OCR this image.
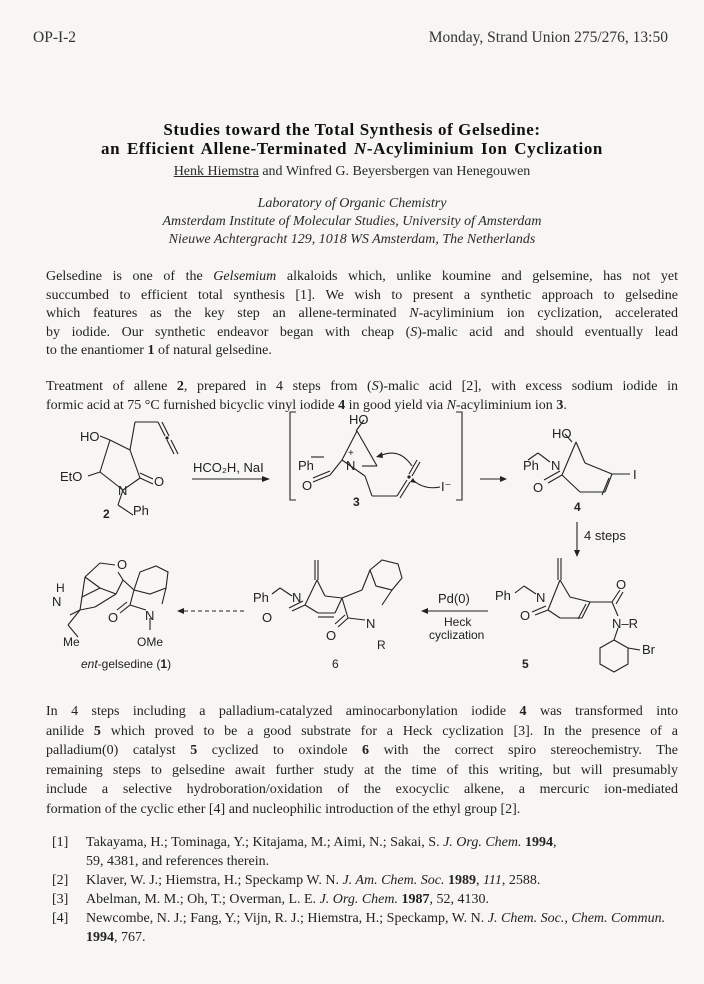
OP-I-2	Monday, Strand Union 275/276, 13:50
Studies toward the Total Synthesis of Gelsedine:
an Efficient Allene-Terminated N-Acyliminium Ion Cyclization
Henk Hiemstra and Winfred G. Beyersbergen van Henegouwen
Laboratory of Organic Chemistry
Amsterdam Institute of Molecular Studies, University of Amsterdam
Nieuwe Achtergracht 129, 1018 WS Amsterdam, The Netherlands
Gelsedine is one of the Gelsemium alkaloids which, unlike koumine and gelsemine, has not yet
succumbed to efficient total synthesis [1]. We wish to present a synthetic approach to gelsedine
which features as the key step an allene-terminated N-acyliminium ion cyclization, accelerated
by iodide. Our synthetic endeavor began with cheap (S)-malic acid and should eventually lead
to the enantiomer 1 of natural gelsedine.
Treatment of allene 2, prepared in 4 steps from (S)-malic acid [2], with excess sodium iodide in
formic acid at 75 °C furnished bicyclic vinyl iodide 4 in good yield via N-acyliminium ion 3.
HO
EtO
N
O
Ph
2
HCO₂H, NaI
HO
Ph N
+
O	I⁻
3
HO
Ph N
O
I
4
4 steps
Ph N
O
O
N–R
Br
5
Pd(0)
Heck
cyclization
Ph N
O
O
N
R
6
H
N
O
O N
Me	OMe
ent-gelsedine (1)
In 4 steps including a palladium-catalyzed aminocarbonylation iodide 4 was transformed into
anilide 5 which proved to be a good substrate for a Heck cyclization [3]. In the presence of a
palladium(0) catalyst 5 cyclized to oxindole 6 with the correct spiro stereochemistry. The
remaining steps to gelsedine await further study at the time of this writing, but will presumably
include a selective hydroboration/oxidation of the exocyclic alkene, a mercuric ion-mediated
formation of the cyclic ether [4] and nucleophilic introduction of the ethyl group [2].
[1] Takayama, H.; Tominaga, Y.; Kitajama, M.; Aimi, N.; Sakai, S. J. Org. Chem. 1994,
59, 4381, and references therein.
[2] Klaver, W. J.; Hiemstra, H.; Speckamp W. N. J. Am. Chem. Soc. 1989, 111, 2588.
[3] Abelman, M. M.; Oh, T.; Overman, L. E. J. Org. Chem. 1987, 52, 4130.
[4] Newcombe, N. J.; Fang, Y.; Vijn, R. J.; Hiemstra, H.; Speckamp, W. N. J. Chem. Soc., Chem. Commun. 1994, 767.
